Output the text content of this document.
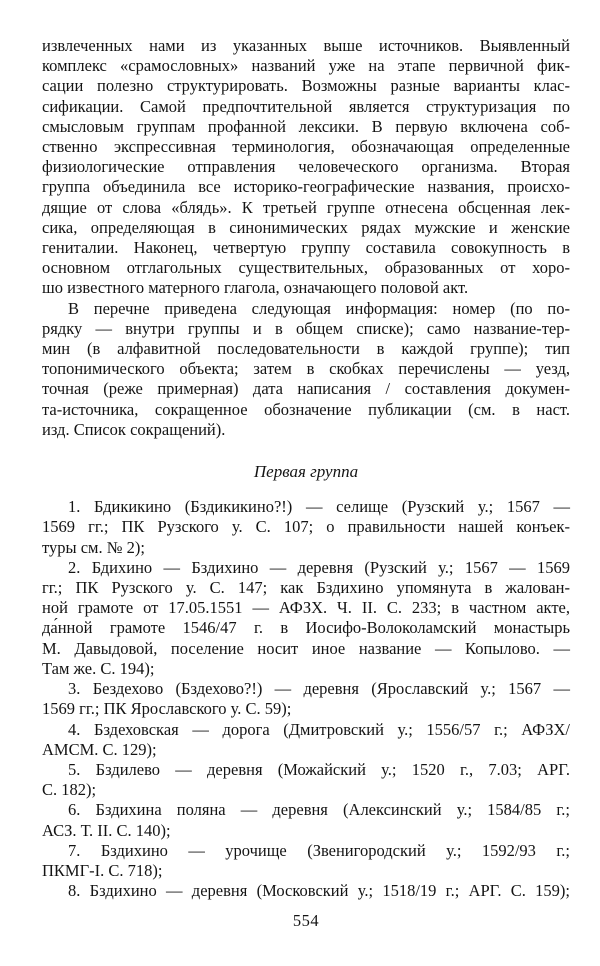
извлеченных нами из указанных выше источников. Выявленный
комплекс «срамословных» названий уже на этапе первичной фик-
сации полезно структурировать. Возможны разные варианты клас-
сификации. Самой предпочтительной является структуризация по
смысловым группам профанной лексики. В первую включена соб-
ственно экспрессивная терминология, обозначающая определенные
физиологические отправления человеческого организма. Вторая
группа объединила все историко-географические названия, происхо-
дящие от слова «блядь». К третьей группе отнесена обсценная лек-
сика, определяющая в синонимических рядах мужские и женские
гениталии. Наконец, четвертую группу составила совокупность в
основном отглагольных существительных, образованных от хоро-
шо известного матерного глагола, означающего половой акт.
В перечне приведена следующая информация: номер (по по-
рядку — внутри группы и в общем списке); само название-тер-
мин (в алфавитной последовательности в каждой группе); тип
топонимического объекта; затем в скобках перечислены — уезд,
точная (реже примерная) дата написания / составления докумен-
та-источника, сокращенное обозначение публикации (см. в наст.
изд. Список сокращений).
Первая группа
1. Бдикикино (Бздикикино?!) — селище (Рузский у.; 1567 —
1569 гг.; ПК Рузского у. С. 107; о правильности нашей конъек-
туры см. № 2);
2. Бдихино — Бздихино — деревня (Рузский у.; 1567 — 1569
гг.; ПК Рузского у. С. 147; как Бздихино упомянута в жалован-
ной грамоте от 17.05.1551 — АФЗХ. Ч. II. С. 233; в частном акте,
да́нной грамоте 1546/47 г. в Иосифо-Волоколамский монастырь
М. Давыдовой, поселение носит иное название — Копылово. —
Там же. С. 194);
3. Бездехово (Бздехово?!) — деревня (Ярославский у.; 1567 —
1569 гг.; ПК Ярославского у. С. 59);
4. Бздеховская — дорога (Дмитровский у.; 1556/57 г.; АФЗХ/
АМСМ. С. 129);
5. Бздилево — деревня (Можайский у.; 1520 г., 7.03; АРГ.
С. 182);
6. Бздихина поляна — деревня (Алексинский у.; 1584/85 г.;
АСЗ. Т. II. С. 140);
7. Бздихино — урочище (Звенигородский у.; 1592/93 г.;
ПКМГ-I. С. 718);
8. Бздихино — деревня (Московский у.; 1518/19 г.; АРГ. С. 159);
554
